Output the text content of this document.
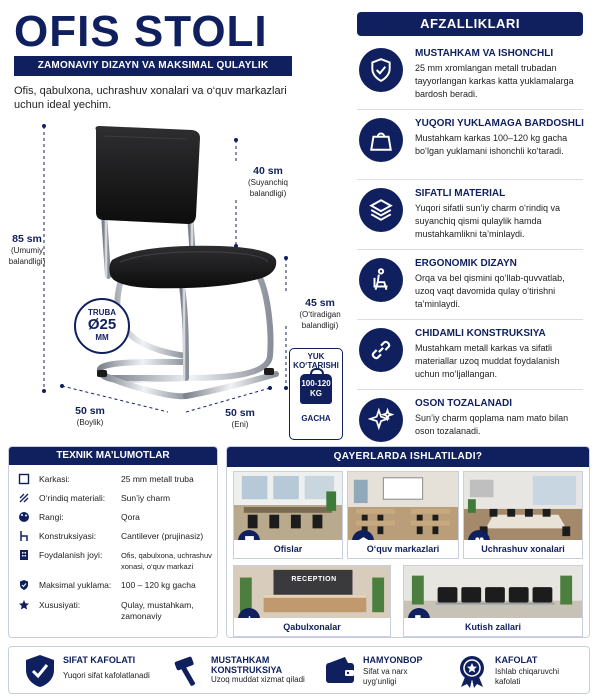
OFIS STOLI
ZAMONAVIY DIZAYN VA MAKSIMAL QULAYLIK
Ofis, qabulxona, uchrashuv xonalari va o‘quv markazlari uchun ideal yechim.
85 sm
(Umumiy balandligi)
40 sm
(Suyanchiq balandligi)
45 sm
(O‘tiradigan balandligi)
50 sm
(Boylik)
50 sm
(Eni)
TRUBA
Ø25
MM
YUK KO‘TARISHI
100-120 KG
GACHA
AFZALLIKLARI
MUSTAHKAM VA ISHONCHLI
25 mm xromlangan metall trubadan tayyorlangan karkas katta yuklamalarga bardosh beradi.
YUQORI YUKLAMAGA BARDOSHLI
Mustahkam karkas 100–120 kg gacha bo‘lgan yuklamani ishonchli ko‘taradi.
SIFATLI MATERIAL
Yuqori sifatli sun’iy charm o‘rindiq va suyanchiq qismi qulaylik hamda mustahkamlikni ta’minlaydi.
ERGONOMIK DIZAYN
Orqa va bel qismini qo‘llab-quvvatlab, uzoq vaqt davomida qulay o‘tirishni ta’minlaydi.
CHIDAMLI KONSTRUKSIYA
Mustahkam metall karkas va sifatli materiallar uzoq muddat foydalanish uchun mo‘ljallangan.
OSON TOZALANADI
Sun’iy charm qoplama nam mato bilan oson tozalanadi.
TEXNIK MA’LUMOTLAR
Karkasi:	25 mm metall truba
O‘rindiq materiali: Sun’iy charm
Rangi:	Qora
Konstruksiyasi:	Cantilever (prujinasiz)
Foydalanish joyi: Ofis, qabulxona, uchrashuv xonasi, o‘quv markazi
Maksimal yuklama: 100 – 120 kg gacha
Xususiyati:	Qulay, mustahkam, zamonaviy
QAYERLARDA ISHLATILADI?
Ofislar	O‘quv markazlari	Uchrashuv xonalari
RECEPTION
Qabulxonalar	Kutish zallari
SIFAT KAFOLATI
Yuqori sifat kafolatlanadi
MUSTAHKAM KONSTRUKSIYA
Uzoq muddat xizmat qiladi
HAMYONBOP
Sifat va narx uyg‘unligi
KAFOLAT
Ishlab chiqaruvchi kafolati
